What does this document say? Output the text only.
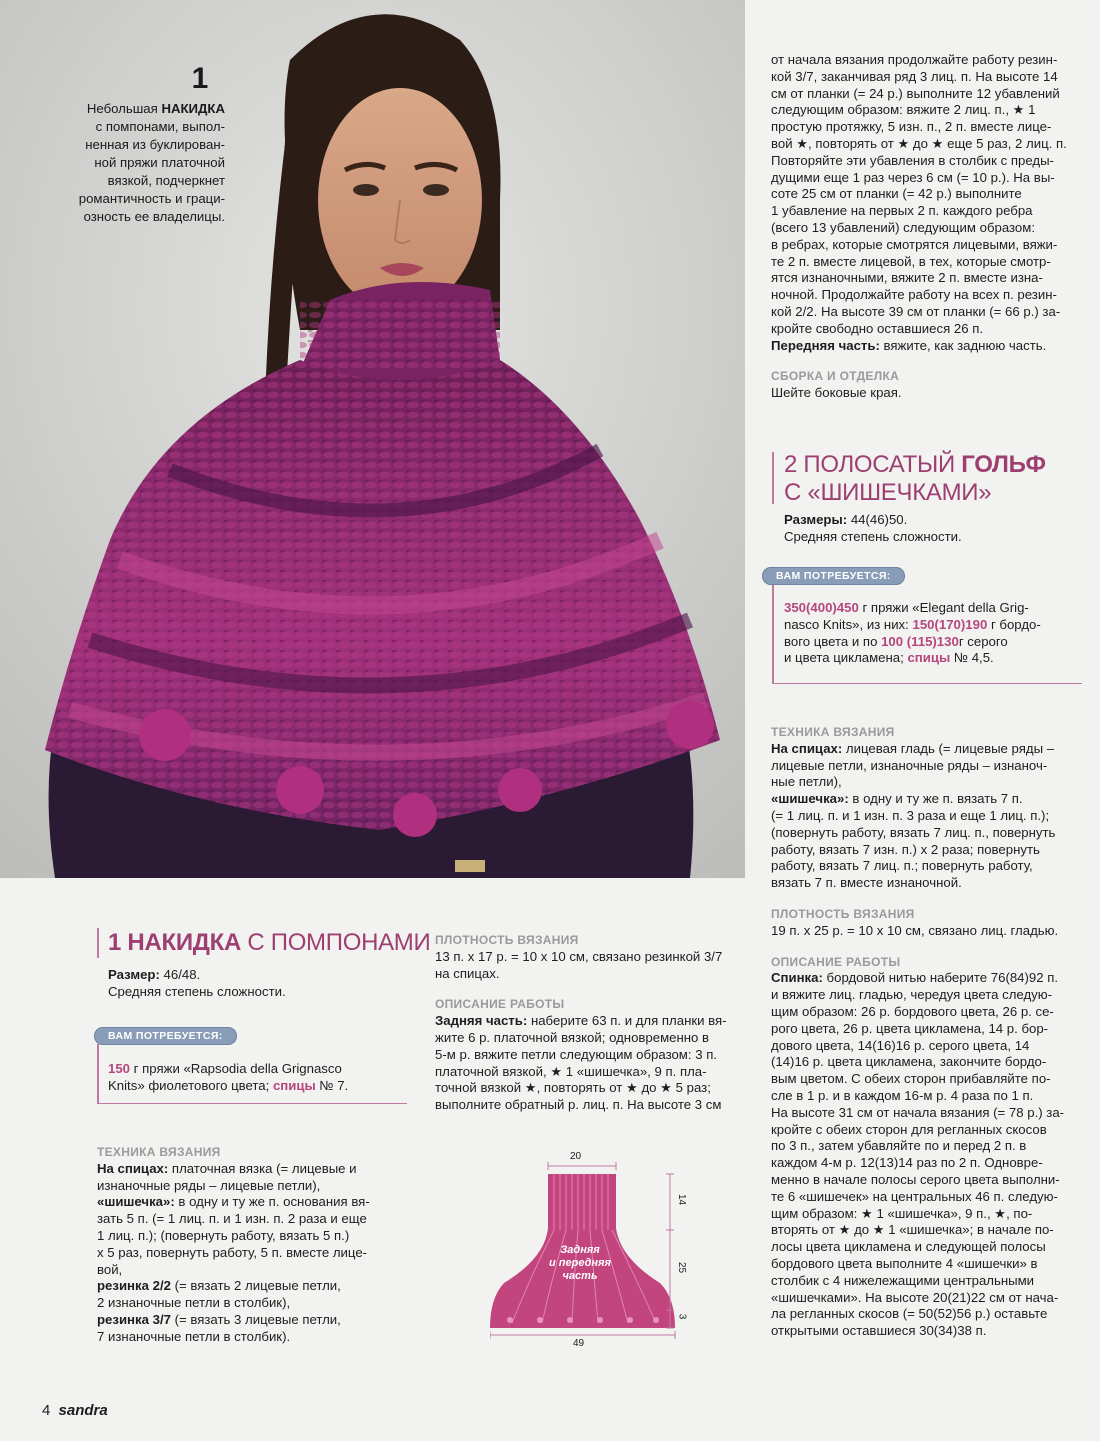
1
Небольшая НАКИДКА
с помпонами, выпол-
ненная из буклирован-
ной пряжи платочной
вязкой, подчеркнет
романтичность и граци-
озность ее владелицы.

от начала вязания продолжайте работу резин-

кой 3/7, заканчивая ряд 3 лиц. п. На высоте 14

см от планки (= 24 р.) выполните 12 убавлений

следующим образом: вяжите 2 лиц. п., ★ 1

простую протяжку, 5 изн. п., 2 п. вместе лице-

вой ★, повторять от ★ до ★ еще 5 раз, 2 лиц. п.

Повторяйте эти убавления в столбик с преды-

дущими еще 1 раз через 6 см (= 10 р.). На вы-

соте 25 см от планки (= 42 р.) выполните

1 убавление на первых 2 п. каждого ребра

(всего 13 убавлений) следующим образом:

в ребрах, которые смотрятся лицевыми, вяжи-

те 2 п. вместе лицевой, в тех, которые смотр-

ятся изнаночными, вяжите 2 п. вместе изна-

ночной. Продолжайте работу на всех п. резин-

кой 2/2. На высоте 39 см от планки (= 66 р.) за-

кройте свободно оставшиеся 26 п.

Передняя часть: вяжите, как заднюю часть.

СБОРКА И ОТДЕЛКА

Шейте боковые края.

2 ПОЛОСАТЫЙ ГОЛЬФ
С «ШИШЕЧКАМИ»

Размеры: 44(46)50.

Средняя степень сложности.

ВАМ ПОТРЕБУЕТСЯ:

350(400)450 г пряжи «Elegant della Grig-

nasco Knits», из них: 150(170)190 г бордо-

вого цвета и по 100 (115)130г серого

и цвета цикламена; спицы № 4,5.

ТЕХНИКА ВЯЗАНИЯ

На спицах: лицевая гладь (= лицевые ряды –

лицевые петли, изнаночные ряды – изнаноч-

ные петли),

«шишечка»: в одну и ту же п. вязать 7 п.

(= 1 лиц. п. и 1 изн. п. 3 раза и еще 1 лиц. п.);

(повернуть работу, вязать 7 лиц. п., повернуть

работу, вязать 7 изн. п.) х 2 раза; повернуть

работу, вязать 7 лиц. п.; повернуть работу,

вязать 7 п. вместе изнаночной.

ПЛОТНОСТЬ ВЯЗАНИЯ

19 п. х 25 р. = 10 х 10 см, связано лиц. гладью.

ОПИСАНИЕ РАБОТЫ

Спинка: бордовой нитью наберите 76(84)92 п.

и вяжите лиц. гладью, чередуя цвета следую-

щим образом: 26 р. бордового цвета, 26 р. се-

рого цвета, 26 р. цвета цикламена, 14 р. бор-

дового цвета, 14(16)16 р. серого цвета, 14

(14)16 р. цвета цикламена, закончите бордо-

вым цветом. С обеих сторон прибавляйте по-

сле в 1 р. и в каждом 16-м р. 4 раза по 1 п.

На высоте 31 см от начала вязания (= 78 р.) за-

кройте с обеих сторон для регланных скосов

по 3 п., затем убавляйте по и перед 2 п. в

каждом 4-м р. 12(13)14 раз по 2 п. Одновре-

менно в начале полосы серого цвета выполни-

те 6 «шишечек» на центральных 46 п. следую-

щим образом: ★ 1 «шишечка», 9 п., ★, по-

вторять от ★ до ★ 1 «шишечка»; в начале по-

лосы цвета цикламена и следующей полосы

бордового цвета выполните 4 «шишечки» в

столбик с 4 нижележащими центральными

«шишечками». На высоте 20(21)22 см от нача-

ла регланных скосов (= 50(52)56 р.) оставьте

открытыми оставшиеся 30(34)38 п.

1 НАКИДКА С ПОМПОНАМИ

Размер: 46/48.

Средняя степень сложности.

ВАМ ПОТРЕБУЕТСЯ:

150 г пряжи «Rapsodia della Grignasco

Knits» фиолетового цвета; спицы № 7.

ТЕХНИКА ВЯЗАНИЯ

На спицах: платочная вязка (= лицевые и

изнаночные ряды – лицевые петли),

«шишечка»: в одну и ту же п. основания вя-

зать 5 п. (= 1 лиц. п. и 1 изн. п. 2 раза и еще

1 лиц. п.); (повернуть работу, вязать 5 п.)

х 5 раз, повернуть работу, 5 п. вместе лице-

вой,

резинка 2/2 (= вязать 2 лицевые петли,

2 изнаночные петли в столбик),

резинка 3/7 (= вязать 3 лицевые петли,

7 изнаночные петли в столбик).

ПЛОТНОСТЬ ВЯЗАНИЯ

13 п. х 17 р. = 10 х 10 см, связано резинкой 3/7

на спицах.

ОПИСАНИЕ РАБОТЫ

Задняя часть: наберите 63 п. и для планки вя-

жите 6 р. платочной вязкой; одновременно в

5-м р. вяжите петли следующим образом: 3 п.

платочной вязкой, ★ 1 «шишечка», 9 п. пла-

точной вязкой ★, повторять от ★ до ★ 5 раз;

выполните обратный р. лиц. п. На высоте 3 см

20
49
14
25
3
Задняя
и передняя
часть
4 sandra
